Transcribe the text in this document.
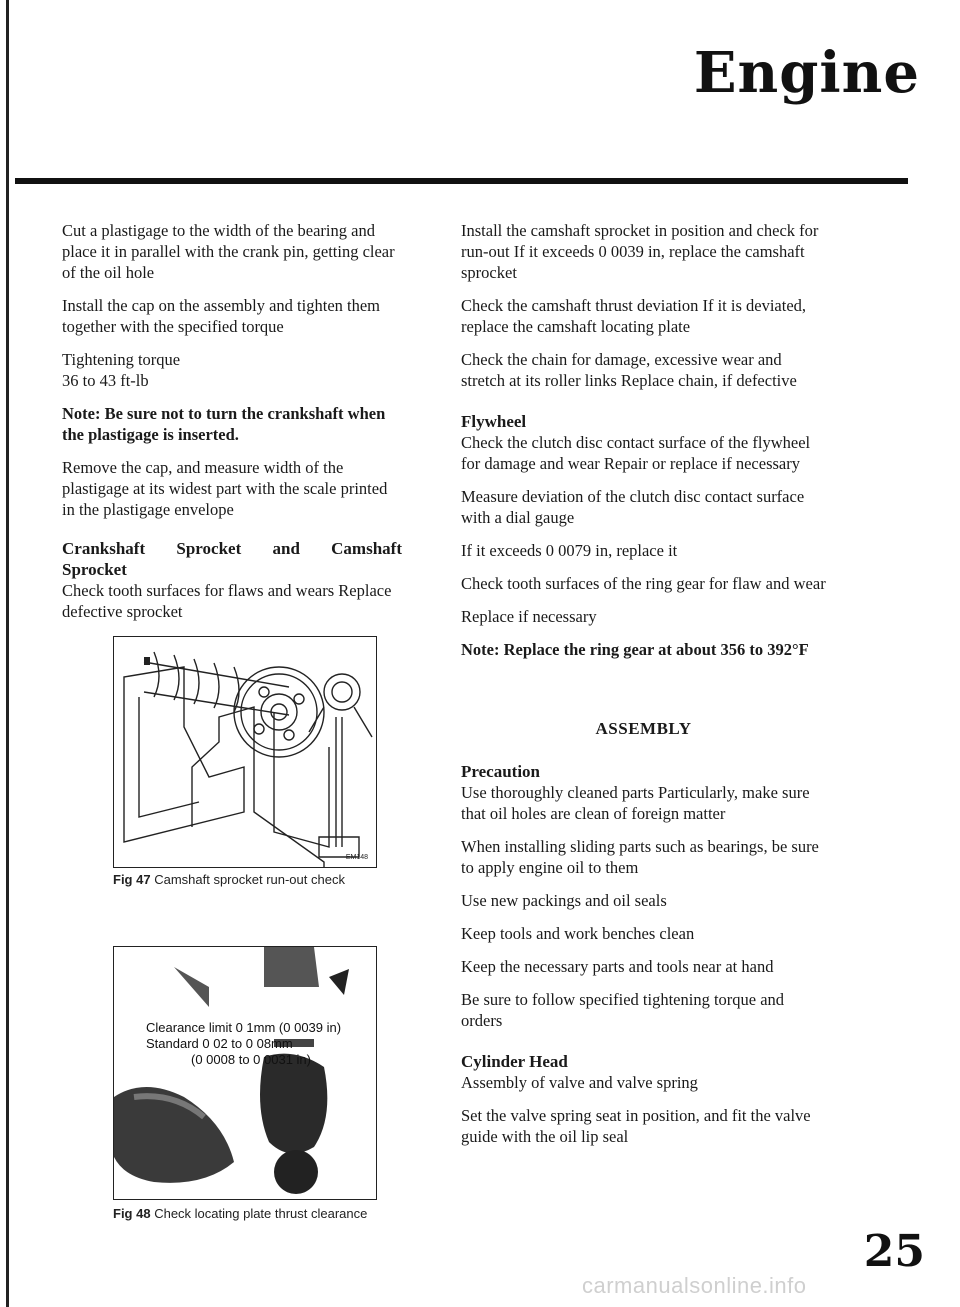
Engine

Cut a plastigage to the width of the bearing and place it in parallel with the crank pin, getting clear of the oil hole

Install the cap on the assembly and tighten them together with the specified torque

Tightening torque
36 to 43 ft-lb

Note: Be sure not to turn the crankshaft when the plastigage is inserted.

Remove the cap, and measure width of the plastigage at its widest part with the scale printed in the plastigage envelope

Crankshaft Sprocket and Camshaft
Sprocket

Check tooth surfaces for flaws and wears Replace defective sprocket

EM148
Fig 47 Camshaft sprocket run-out check
Clearance limit 0 1mm (0 0039 in)
Standard 0 02 to 0 08mm
(0 0008 to 0 0031 in)
Fig 48 Check locating plate thrust clearance

Install the camshaft sprocket in position and check for run-out If it exceeds 0 0039 in, replace the camshaft sprocket

Check the camshaft thrust deviation If it is deviated, replace the camshaft locating plate

Check the chain for damage, excessive wear and stretch at its roller links Replace chain, if defective

Flywheel

Check the clutch disc contact surface of the flywheel for damage and wear Repair or replace if necessary

Measure deviation of the clutch disc contact surface with a dial gauge

If it exceeds 0 0079 in, replace it

Check tooth surfaces of the ring gear for flaw and wear

Replace if necessary

Note: Replace the ring gear at about 356 to 392°F

ASSEMBLY
Precaution

Use thoroughly cleaned parts Particularly, make sure that oil holes are clean of foreign matter

When installing sliding parts such as bearings, be sure to apply engine oil to them

Use new packings and oil seals

Keep tools and work benches clean

Keep the necessary parts and tools near at hand

Be sure to follow specified tightening torque and orders

Cylinder Head

Assembly of valve and valve spring

Set the valve spring seat in position, and fit the valve guide with the oil lip seal

25
carmanualsonline.info
